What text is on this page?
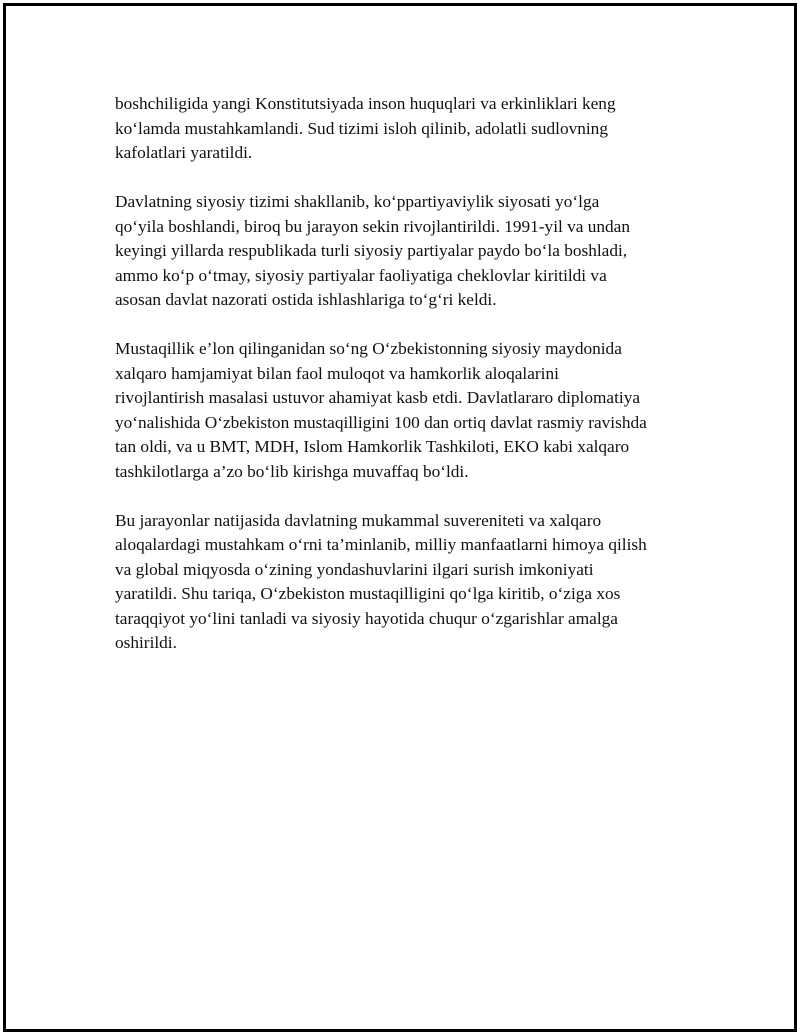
boshchiligida yangi Konstitutsiyada inson huquqlari va erkinliklari keng
koʻlamda mustahkamlandi. Sud tizimi isloh qilinib, adolatli sudlovning
kafolatlari yaratildi.

Davlatning siyosiy tizimi shakllanib, koʻppartiyaviylik siyosati yoʻlga
qoʻyila boshlandi, biroq bu jarayon sekin rivojlantirildi. 1991-yil va undan
keyingi yillarda respublikada turli siyosiy partiyalar paydo boʻla boshladi,
ammo koʻp oʻtmay, siyosiy partiyalar faoliyatiga cheklovlar kiritildi va
asosan davlat nazorati ostida ishlashlariga toʻgʻri keldi.

Mustaqillik e’lon qilinganidan soʻng Oʻzbekistonning siyosiy maydonida
xalqaro hamjamiyat bilan faol muloqot va hamkorlik aloqalarini
rivojlantirish masalasi ustuvor ahamiyat kasb etdi. Davlatlararo diplomatiya
yoʻnalishida Oʻzbekiston mustaqilligini 100 dan ortiq davlat rasmiy ravishda
tan oldi, va u BMT, MDH, Islom Hamkorlik Tashkiloti, EKO kabi xalqaro
tashkilotlarga a’zo boʻlib kirishga muvaffaq boʻldi.

Bu jarayonlar natijasida davlatning mukammal suvereniteti va xalqaro
aloqalardagi mustahkam oʻrni ta’minlanib, milliy manfaatlarni himoya qilish
va global miqyosda oʻzining yondashuvlarini ilgari surish imkoniyati
yaratildi. Shu tariqa, Oʻzbekiston mustaqilligini qoʻlga kiritib, oʻziga xos
taraqqiyot yoʻlini tanladi va siyosiy hayotida chuqur oʻzgarishlar amalga
oshirildi.
